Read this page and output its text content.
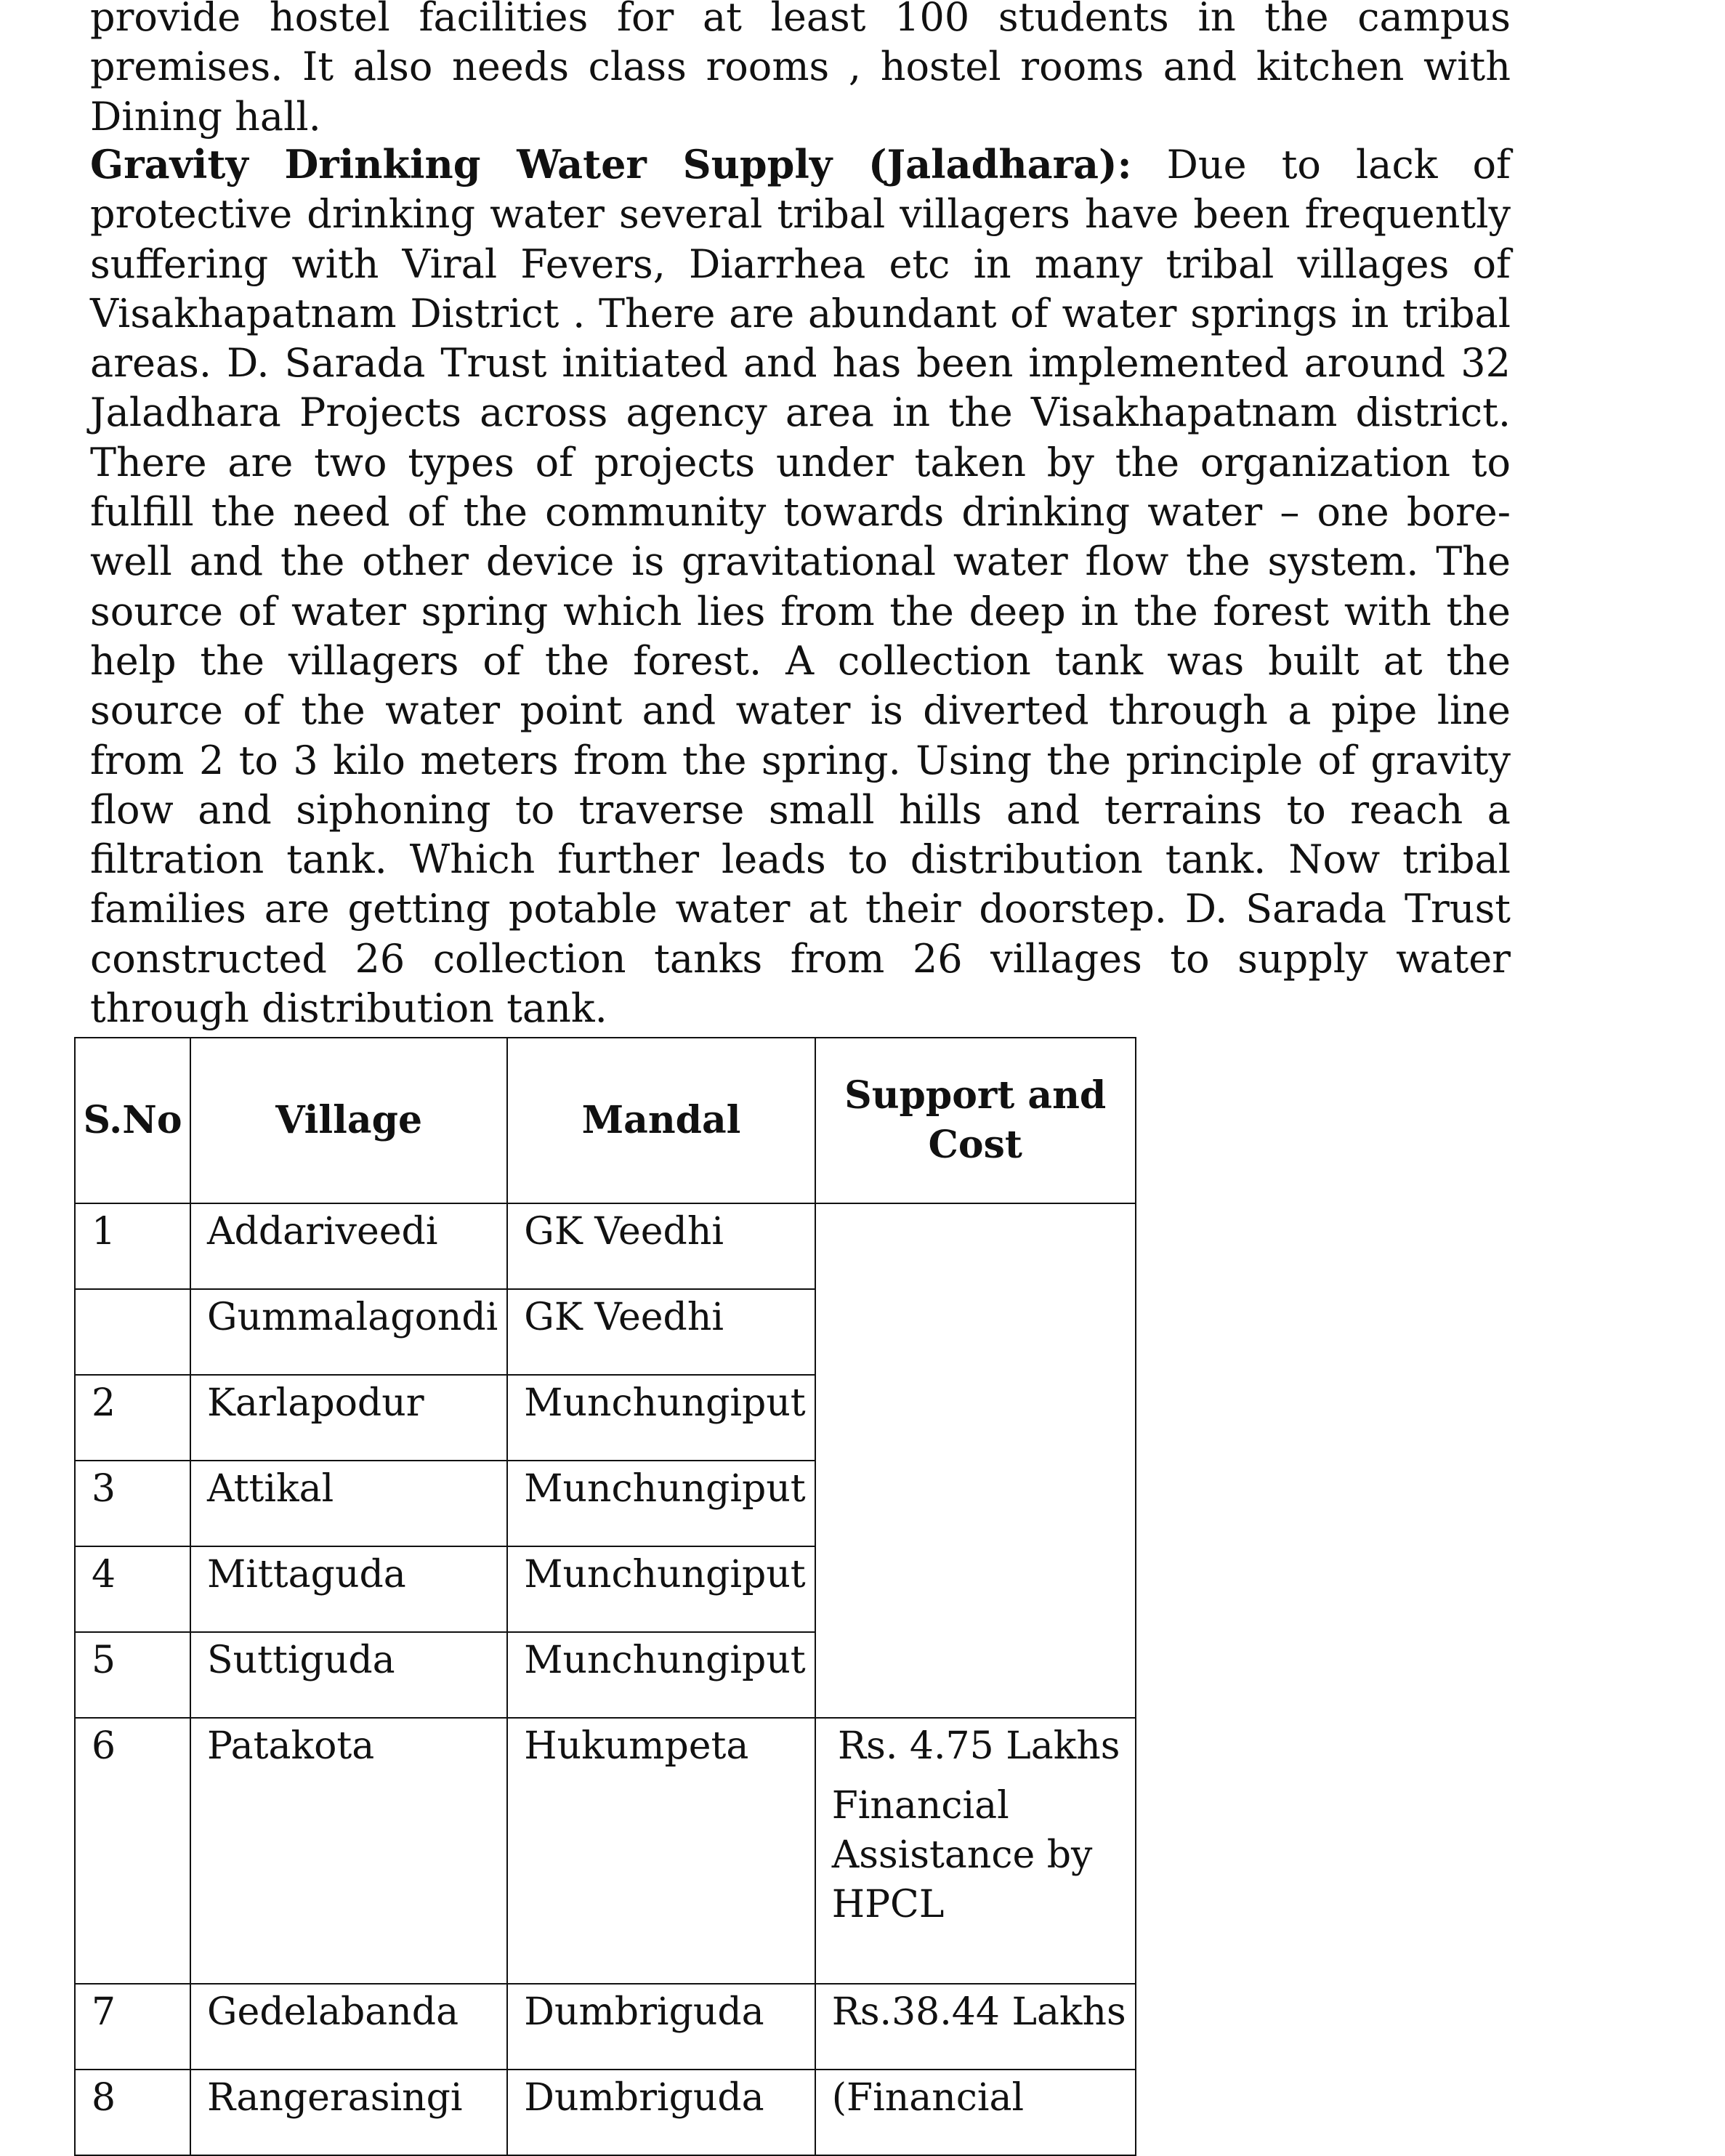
provide hostel facilities for at least 100 students in the campus premises. It also needs class rooms , hostel rooms and kitchen with Dining hall.
Gravity Drinking Water Supply (Jaladhara): Due to lack of protective drinking water several tribal villagers have been frequently suffering with Viral Fevers, Diarrhea etc in many tribal villages of Visakhapatnam District . There are abundant of water springs in tribal areas. D. Sarada Trust initiated and has been implemented around 32 Jaladhara Projects across agency area in the Visakhapatnam district. There are two types of projects under taken by the organization to fulfill the need of the community towards drinking water – one bore-well and the other device is gravitational water flow the system. The source of water spring which lies from the deep in the forest with the help the villagers of the forest. A collection tank was built at the source of the water point and water is diverted through a pipe line from 2 to 3 kilo meters from the spring. Using the principle of gravity flow and siphoning to traverse small hills and terrains to reach a filtration tank. Which further leads to distribution tank. Now tribal families are getting potable water at their doorstep. D. Sarada Trust constructed 26 collection tanks from 26 villages to supply water through distribution tank.
S.No	Village	Mandal	Support and Cost
1	Addariveedi	GK Veedhi	
	Gummalagondi	GK Veedhi	
2	Karlapodur	Munchungiput	
3	Attikal	Munchungiput	
4	Mittaguda	Munchungiput	
5	Suttiguda	Munchungiput	
6	Patakota	Hukumpeta	Rs. 4.75 Lakhs
Financial Assistance by HPCL

7	Gedelabanda	Dumbriguda	Rs.38.44 Lakhs
8	Rangerasingi	Dumbriguda	(Financial
